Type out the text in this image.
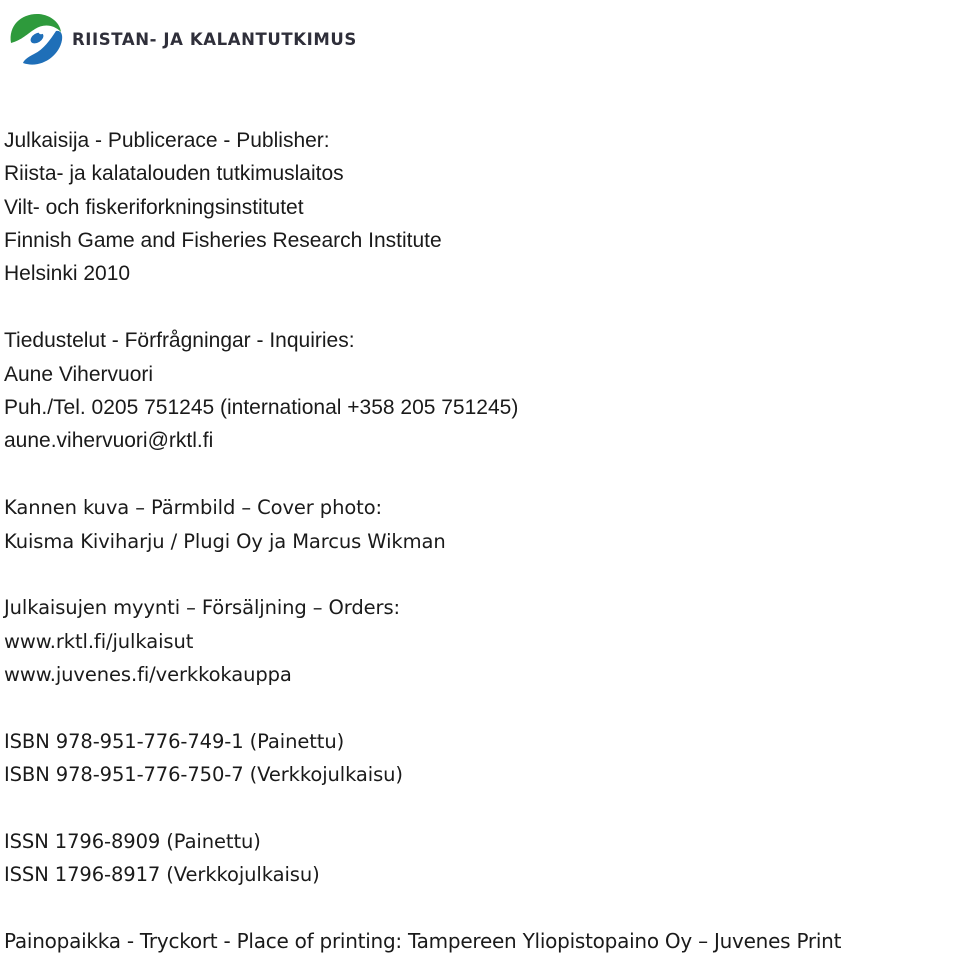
RIISTAN- JA KALANTUTKIMUS
Julkaisija - Publicerace - Publisher:
Riista- ja kalatalouden tutkimuslaitos
Vilt- och fiskeriforkningsinstitutet
Finnish Game and Fisheries Research Institute
Helsinki 2010
Tiedustelut - Förfrågningar - Inquiries:
Aune Vihervuori
Puh./Tel. 0205 751245 (international +358 205 751245)
aune.vihervuori@rktl.fi
Kannen kuva – Pärmbild – Cover photo:
Kuisma Kiviharju / Plugi Oy ja Marcus Wikman
Julkaisujen myynti – Försäljning – Orders:
www.rktl.fi/julkaisut
www.juvenes.fi/verkkokauppa
ISBN 978-951-776-749-1 (Painettu)
ISBN 978-951-776-750-7 (Verkkojulkaisu)
ISSN 1796-8909 (Painettu)
ISSN 1796-8917 (Verkkojulkaisu)
Painopaikka - Tryckort - Place of printing: Tampereen Yliopistopaino Oy – Juvenes Print
